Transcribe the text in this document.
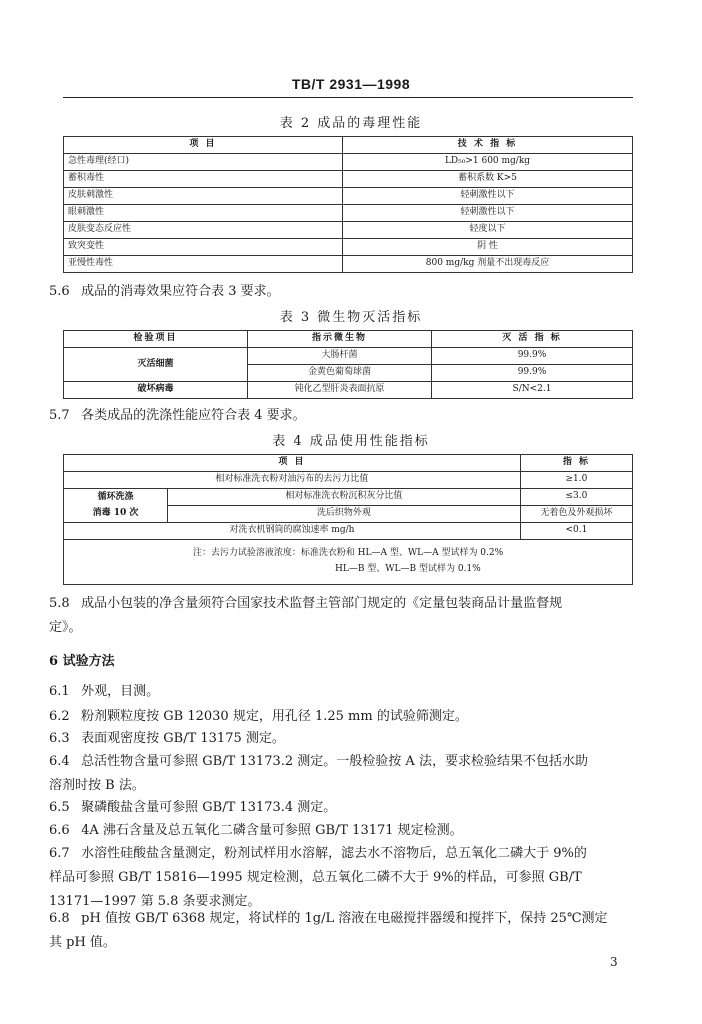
TB/T 2931—1998
表 2 成品的毒理性能
项 目	技 术 指 标
急性毒理(经口)	LD₅₀>1 600 mg/kg
蓄积毒性	蓄积系数 K>5
皮肤刺激性	轻刺激性以下
眼刺激性	轻刺激性以下
皮肤变态反应性	轻度以下
致突变性	阴 性
亚慢性毒性	800 mg/kg 剂量不出现毒反应
5.6 成品的消毒效果应符合表 3 要求。
表 3 微生物灭活指标
检验项目	指示微生物	灭 活 指 标
灭活细菌	大肠杆菌	99.9%
	金黄色葡萄球菌	99.9%
破坏病毒	钝化乙型肝炎表面抗原	S/N<2.1
5.7 各类成品的洗涤性能应符合表 4 要求。
表 4 成品使用性能指标
项 目		指 标
相对标准洗衣粉对油污布的去污力比值		≥1.0

循环洗涤
消毒 10 次	相对标准洗衣粉沉积灰分比值	≤3.0
	洗后织物外观	无着色及外观损坏
对洗衣机钢筒的腐蚀速率 mg/h		<0.1

注：去污力试验溶液浓度：标准洗衣粉和 HL—A 型、WL—A 型试样为 0.2%
HL—B 型、WL—B 型试样为 0.1%		
5.8 成品小包装的净含量须符合国家技术监督主管部门规定的《定量包装商品计量监督规
定》。
6 试验方法
6.1 外观，目测。
6.2 粉剂颗粒度按 GB 12030 规定，用孔径 1.25 mm 的试验筛测定。
6.3 表面观密度按 GB/T 13175 测定。
6.4 总活性物含量可参照 GB/T 13173.2 测定。一般检验按 A 法，要求检验结果不包括水助
溶剂时按 B 法。
6.5 聚磷酸盐含量可参照 GB/T 13173.4 测定。
6.6 4A 沸石含量及总五氧化二磷含量可参照 GB/T 13171 规定检测。
6.7 水溶性硅酸盐含量测定，粉剂试样用水溶解，滤去水不溶物后，总五氧化二磷大于 9%的
样品可参照 GB/T 15816—1995 规定检测，总五氧化二磷不大于 9%的样品，可参照 GB/T
13171—1997 第 5.8 条要求测定。
6.8 pH 值按 GB/T 6368 规定，将试样的 1g/L 溶液在电磁搅拌器缓和搅拌下，保持 25℃测定
其 pH 值。
3
